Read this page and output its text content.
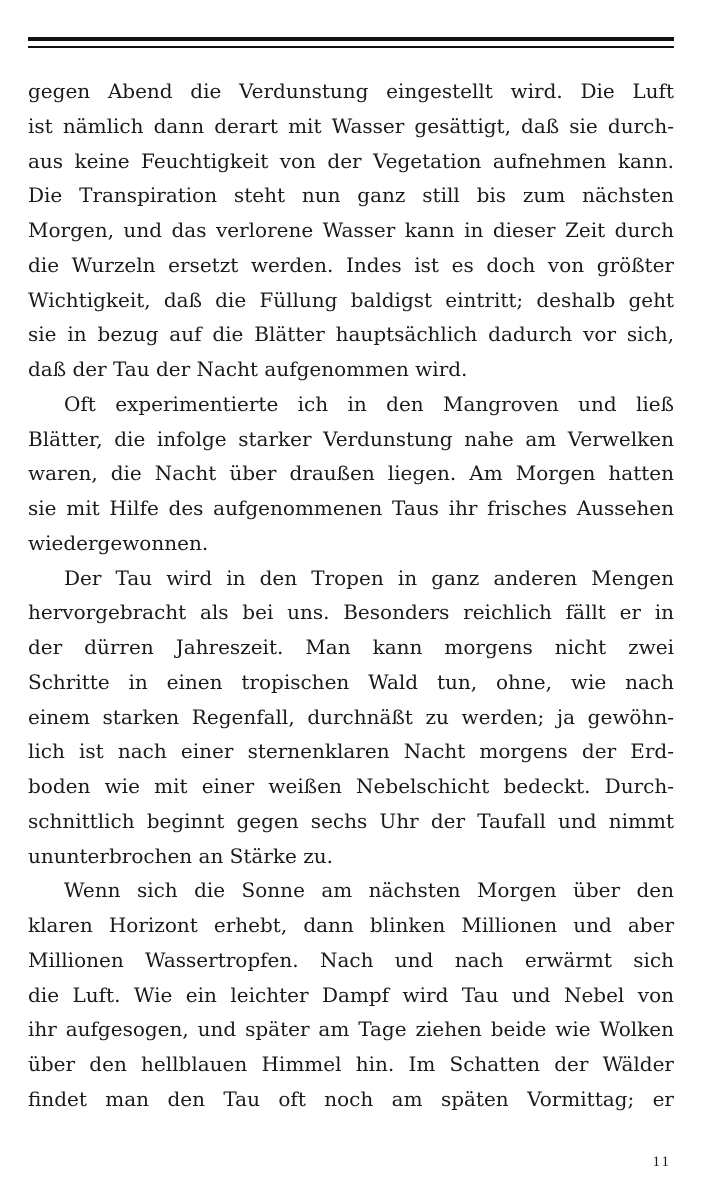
gegen Abend die Verdunstung eingestellt wird. Die Luft
ist nämlich dann derart mit Wasser gesättigt, daß sie durch-
aus keine Feuchtigkeit von der Vegetation aufnehmen kann.
Die Transpiration steht nun ganz still bis zum nächsten
Morgen, und das verlorene Wasser kann in dieser Zeit durch
die Wurzeln ersetzt werden. Indes ist es doch von größter
Wichtigkeit, daß die Füllung baldigst eintritt; deshalb geht
sie in bezug auf die Blätter hauptsächlich dadurch vor sich,
daß der Tau der Nacht aufgenommen wird.
Oft experimentierte ich in den Mangroven und ließ
Blätter, die infolge starker Verdunstung nahe am Verwelken
waren, die Nacht über draußen liegen. Am Morgen hatten
sie mit Hilfe des aufgenommenen Taus ihr frisches Aussehen
wiedergewonnen.
Der Tau wird in den Tropen in ganz anderen Mengen
hervorgebracht als bei uns. Besonders reichlich fällt er in
der dürren Jahreszeit. Man kann morgens nicht zwei
Schritte in einen tropischen Wald tun, ohne, wie nach
einem starken Regenfall, durchnäßt zu werden; ja gewöhn-
lich ist nach einer sternenklaren Nacht morgens der Erd-
boden wie mit einer weißen Nebelschicht bedeckt. Durch-
schnittlich beginnt gegen sechs Uhr der Taufall und nimmt
ununterbrochen an Stärke zu.
Wenn sich die Sonne am nächsten Morgen über den
klaren Horizont erhebt, dann blinken Millionen und aber
Millionen Wassertropfen. Nach und nach erwärmt sich
die Luft. Wie ein leichter Dampf wird Tau und Nebel von
ihr aufgesogen, und später am Tage ziehen beide wie Wolken
über den hellblauen Himmel hin. Im Schatten der Wälder
findet man den Tau oft noch am späten Vormittag; er
11
